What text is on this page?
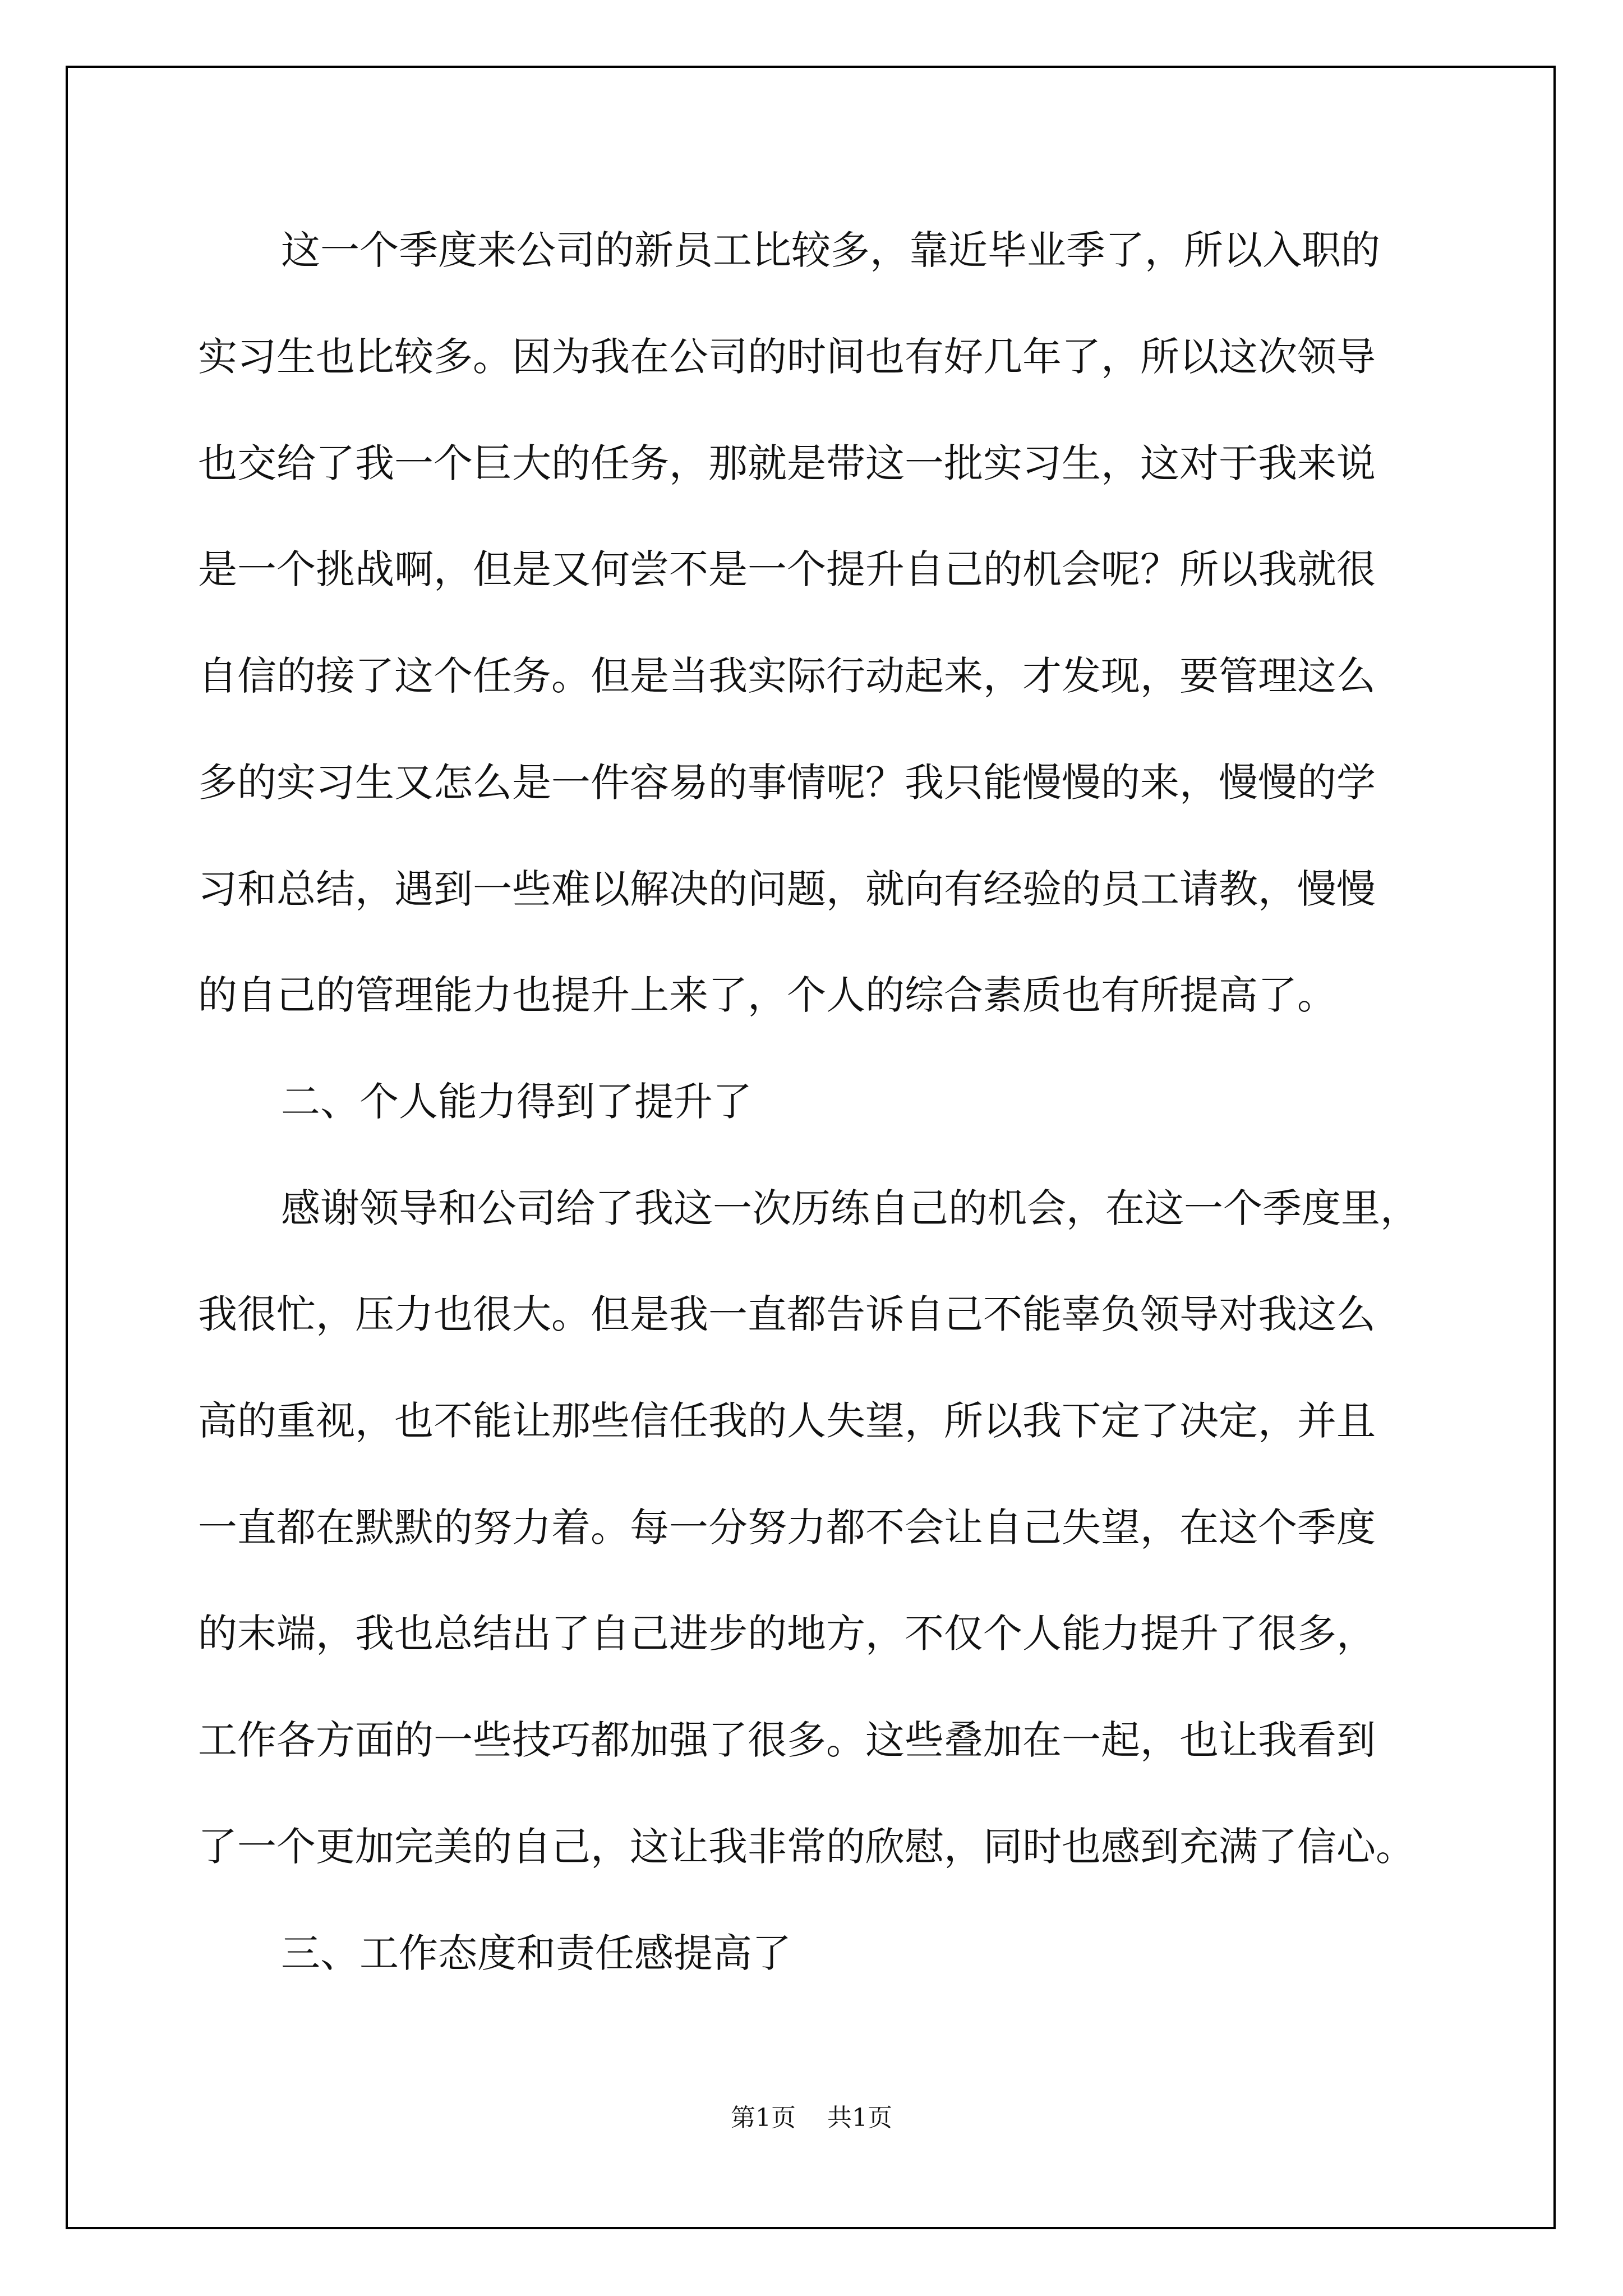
这一个季度来公司的新员工比较多，靠近毕业季了，所以入职的
实习生也比较多。因为我在公司的时间也有好几年了，所以这次领导
也交给了我一个巨大的任务，那就是带这一批实习生，这对于我来说
是一个挑战啊，但是又何尝不是一个提升自己的机会呢？所以我就很
自信的接了这个任务。但是当我实际行动起来，才发现，要管理这么
多的实习生又怎么是一件容易的事情呢？我只能慢慢的来，慢慢的学
习和总结，遇到一些难以解决的问题，就向有经验的员工请教，慢慢
的自己的管理能力也提升上来了，个人的综合素质也有所提高了。
二、个人能力得到了提升了
感谢领导和公司给了我这一次历练自己的机会，在这一个季度里，
我很忙，压力也很大。但是我一直都告诉自己不能辜负领导对我这么
高的重视，也不能让那些信任我的人失望，所以我下定了决定，并且
一直都在默默的努力着。每一分努力都不会让自己失望，在这个季度
的末端，我也总结出了自己进步的地方，不仅个人能力提升了很多，
工作各方面的一些技巧都加强了很多。这些叠加在一起，也让我看到
了一个更加完美的自己，这让我非常的欣慰，同时也感到充满了信心。
三、工作态度和责任感提高了
第1页 共1页
